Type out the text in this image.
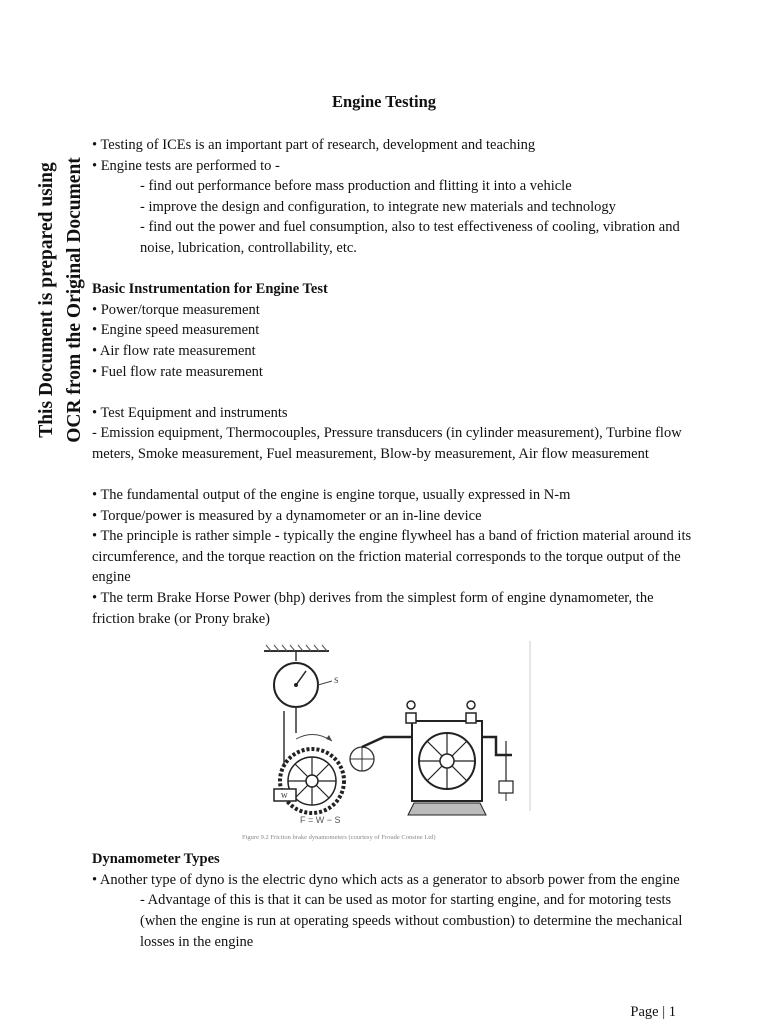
Engine Testing
This Document is prepared using OCR from the Original Document

• Testing of ICEs is an important part of research, development and teaching

• Engine tests are performed to -

- find out performance before mass production and flitting it into a vehicle

- improve the design and configuration, to integrate new materials and technology

- find out the power and fuel consumption, also to test effectiveness of cooling, vibration and noise, lubrication, controllability, etc.

Basic Instrumentation for Engine Test

• Power/torque measurement

• Engine speed measurement

• Air flow rate measurement

• Fuel flow rate measurement

• Test Equipment and instruments

- Emission equipment, Thermocouples, Pressure transducers (in cylinder measurement), Turbine flow meters, Smoke measurement, Fuel measurement, Blow-by measurement, Air flow measurement

• The fundamental output of the engine is engine torque, usually expressed in N-m

• Torque/power is measured by a dynamometer or an in-line device

• The principle is rather simple - typically the engine flywheel has a band of friction material around its circumference, and the torque reaction on the friction material corresponds to the torque output of the engine

• The term Brake Horse Power (bhp) derives from the simplest form of engine dynamometer, the friction brake (or Prony brake)

S
W
F = W − S
Figure 9.2 Friction brake dynamometers (courtesy of Froude Consine Ltd)

Dynamometer Types

• Another type of dyno is the electric dyno which acts as a generator to absorb power from the engine

- Advantage of this is that it can be used as motor for starting engine, and for motoring tests (when the engine is run at operating speeds without combustion) to determine the mechanical losses in the engine

Page | 1
